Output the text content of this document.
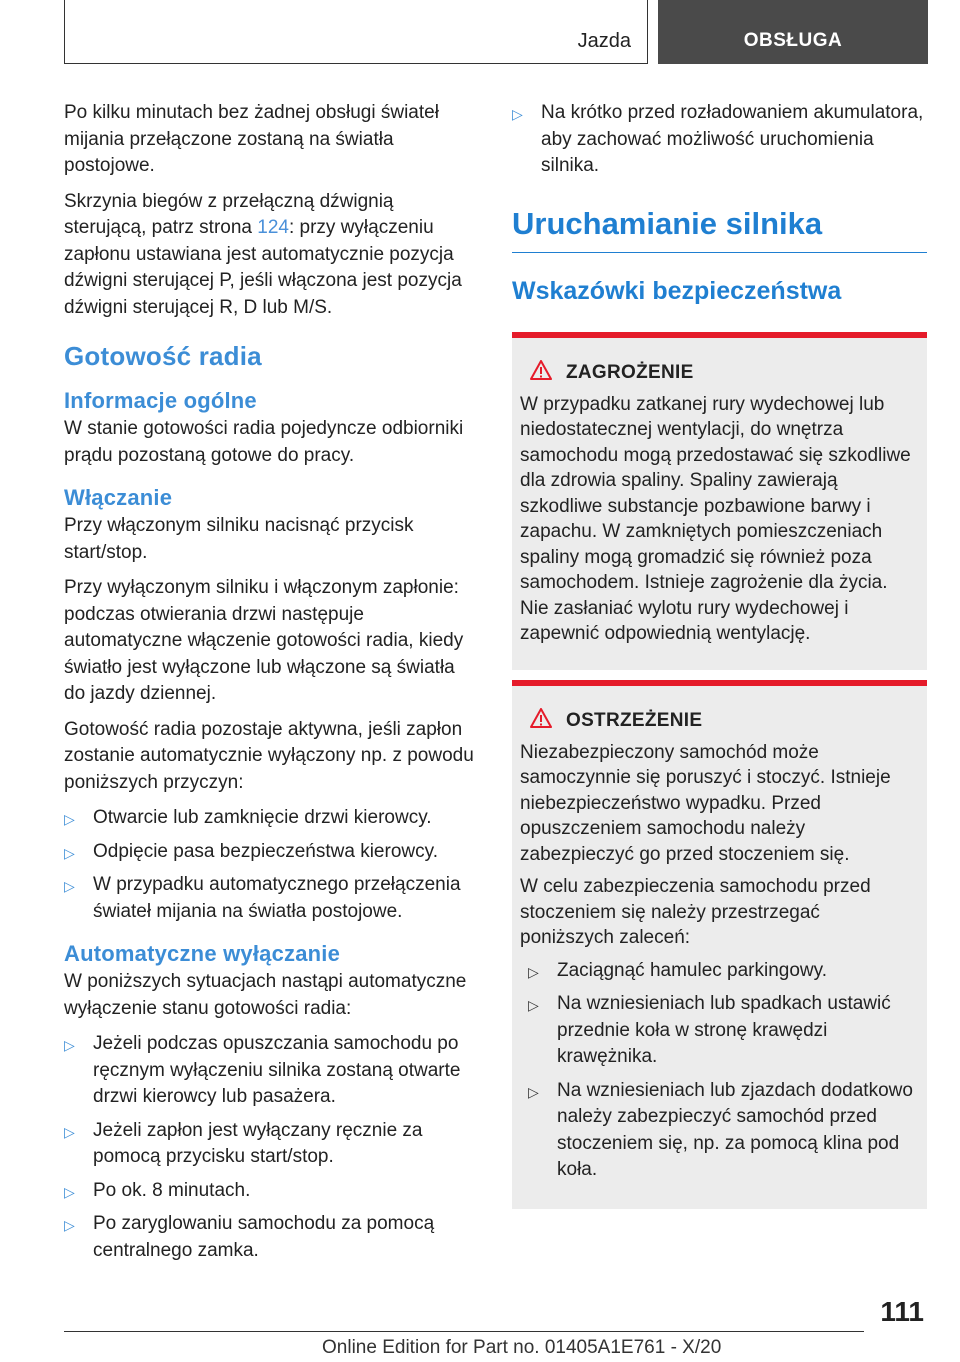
Jazda	OBSŁUGA

Po kilku minutach bez żadnej obsługi świateł mijania przełączone zostaną na światła postojowe.

Skrzynia biegów z przełączną dźwignią sterującą, patrz strona 124: przy wyłączeniu zapłonu ustawiana jest automatycznie pozycja dźwigni sterującej P, jeśli włączona jest pozycja dźwigni sterującej R, D lub M/S.

Gotowość radia
Informacje ogólne

W stanie gotowości radia pojedyncze odbiorniki prądu pozostaną gotowe do pracy.

Włączanie

Przy włączonym silniku nacisnąć przycisk start/stop.

Przy wyłączonym silniku i włączonym zapłonie: podczas otwierania drzwi następuje automatyczne włączenie gotowości radia, kiedy światło jest wyłączone lub włączone są światła do jazdy dziennej.

Gotowość radia pozostaje aktywna, jeśli zapłon zostanie automatycznie wyłączony np. z powodu poniższych przyczyn:

▷ Otwarcie lub zamknięcie drzwi kierowcy.
▷ Odpięcie pasa bezpieczeństwa kierowcy.
▷ W przypadku automatycznego przełączenia świateł mijania na światła postojowe.
Automatyczne wyłączanie

W poniższych sytuacjach nastąpi automatyczne wyłączenie stanu gotowości radia:

▷ Jeżeli podczas opuszczania samochodu po ręcznym wyłączeniu silnika zostaną otwarte drzwi kierowcy lub pasażera.
▷ Jeżeli zapłon jest wyłączany ręcznie za pomocą przycisku start/stop.
▷ Po ok. 8 minutach.
▷ Po zaryglowaniu samochodu za pomocą centralnego zamka.
▷ Na krótko przed rozładowaniem akumulatora, aby zachować możliwość uruchomienia silnika.
Uruchamianie silnika
Wskazówki bezpieczeństwa
ZAGROŻENIE

W przypadku zatkanej rury wydechowej lub niedostatecznej wentylacji, do wnętrza samochodu mogą przedostawać się szkodliwe dla zdrowia spaliny. Spaliny zawierają szkodliwe substancje pozbawione barwy i zapachu. W zamkniętych pomieszczeniach spaliny mogą gromadzić się również poza samochodem. Istnieje zagrożenie dla życia. Nie zasłaniać wylotu rury wydechowej i zapewnić odpowiednią wentylację.

OSTRZEŻENIE

Niezabezpieczony samochód może samoczynnie się poruszyć i stoczyć. Istnieje niebezpieczeństwo wypadku. Przed opuszczeniem samochodu należy zabezpieczyć go przed stoczeniem się.

W celu zabezpieczenia samochodu przed stoczeniem się należy przestrzegać poniższych zaleceń:

▷ Zaciągnąć hamulec parkingowy.
▷ Na wzniesieniach lub spadkach ustawić przednie koła w stronę krawędzi krawężnika.
▷ Na wzniesieniach lub zjazdach dodatkowo należy zabezpieczyć samochód przed stoczeniem się, np. za pomocą klina pod koła.
111
Online Edition for Part no. 01405A1E761 - X/20
